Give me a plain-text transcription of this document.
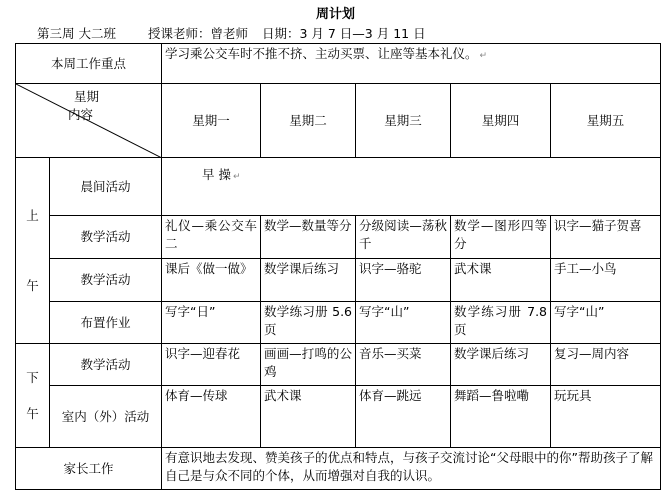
周计划
第三周 大二班	授课老师：曾老师 日期：3 月 7 日—3 月 11 日
本周工作重点		学习乘公交车时不推不挤、主动买票、让座等基本礼仪。 ↵				

星期
内容		星期一	星期二	星期三	星期四	星期五

上
午	晨间活动	早 操 ↵				
	教学活动	礼仪—乘公交车二	数学—数量等分	分级阅读—荡秋千	数学—图形四等分	识字—猫子贺喜
	教学活动	课后《做一做》	数学课后练习	识字—骆驼	武术课	手工—小鸟
	布置作业	写字“日”	数学练习册 5.6 页	写字“山”	数学练习册 7.8 页	写字“山”

下
午	教学活动	识字—迎春花	画画—打鸣的公鸡	音乐—买菜	数学课后练习	复习—周内容
	室内（外）活动	体育—传球	武术课	体育—跳远	舞蹈—鲁啦嘞	玩玩具
家长工作		有意识地去发现、赞美孩子的优点和特点，与孩子交流讨论“父母眼中的你”帮助孩子了解自己是与众不同的个体，从而增强对自我的认识。				
